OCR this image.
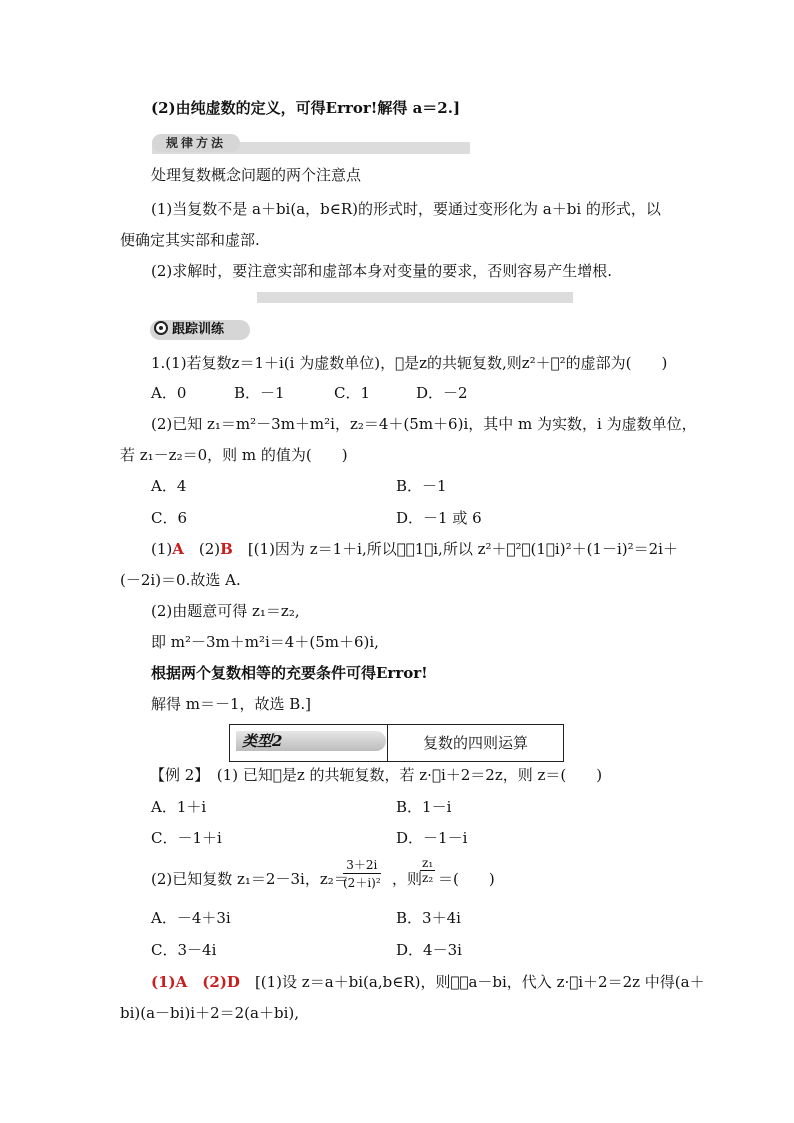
(2)由纯虚数的定义，可得Error!解得 a＝2.]
规律方法
处理复数概念问题的两个注意点
(1)当复数不是 a＋bi(a，b∈R)的形式时，要通过变形化为 a＋bi 的形式，以
便确定其实部和虚部.
(2)求解时，要注意实部和虚部本身对变量的要求，否则容易产生增根.
跟踪训练
1.(1)若复数z＝1＋i(i 为虚数单位)，􀆭是z的共轭复数,则z²＋􀆭²的虚部为(　　)
A．0	B．－1	C．1	D．－2
(2)已知 z₁＝m²－3m＋m²i，z₂＝4＋(5m＋6)i，其中 m 为实数，i 为虚数单位，
若 z₁－z₂＝0，则 m 的值为(　　)
A．4	B．－1
C．6	D．－1 或 6
(1)A　(2)B　[(1)因为 z＝1＋i,所以􀆭＝1－i,所以 z²＋􀆭²＝(1＋i)²＋(1－i)²＝2i＋
(－2i)＝0.故选 A.
(2)由题意可得 z₁＝z₂,
即 m²－3m＋m²i＝4＋(5m＋6)i,
根据两个复数相等的充要条件可得Error!
解得 m＝－1，故选 B.]
类型2	复数的四则运算
【例 2】　(1) 已知􀆭是z 的共轭复数，若 z·􀆭i＋2＝2z，则 z＝(　　)
A．1＋i	B．1－i
C．－1＋i	D．－1－i
(2)已知复数 z₁＝2－3i，z₂＝
$\frac{3+2i}{\text{(2＋i)²}}$ ，则
$\frac{\text{z₁}}{\text{z₂}}$ ＝(　　)
A．－4＋3i	B．3＋4i
C．3－4i	D．4－3i
(1)A　(2)D　[(1)设 z＝a＋bi(a,b∈R)，则􀆭＝a－bi，代入 z·􀆭i＋2＝2z 中得(a＋
bi)(a－bi)i＋2＝2(a＋bi),
